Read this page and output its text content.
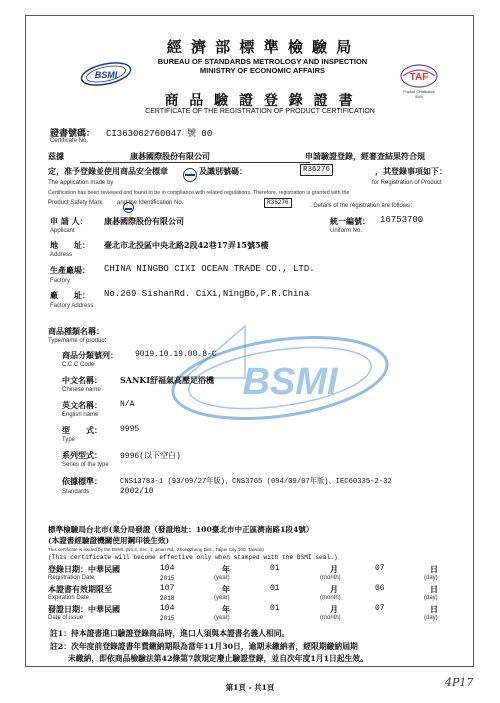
BSMI
經 濟 部 標 準 檢 驗 局
BUREAU OF STANDARDS METROLOGY AND INSPECTION
MINISTRY OF ECONOMIC AFFAIRS
TAF
Product Certification
0000
商 品 驗 證 登 錄 證 書
CERTIFICATE OF THE REGISTRATION OF PRODUCT CERTIFICATION
證書號碼： CI363062760047 號 00
Certificate No.
茲據	康碁國際股份有限公司	申請驗證登錄，經審查結果符合規
定，准予登錄並使用商品安全標章
	及識別號碼：	R36276	，其登錄事項如下：
The application made by	for Registration of Product
Certification has been reviewed and found to be in compliance with related regulations. Therefore, registration is granted with the
Product Safety Mark and the Identification No.	R36276	. Details of the registration are follows：
申 請 人： 康碁國際股份有限公司
Applicant
統一編號： 16753700
Uniform No.
地　　址： 臺北市北投區中央北路2段42巷17弄15號5樓
Address
生產廠場： CHINA NINGBO CIXI OCEAN TRADE CO., LTD.
Factory
廠　　址： No.269 SishanRd. CiXi,NingBo,P.R.China
Factory Address
BSMI
商品種類名稱：
Type/name of product
商品分類號列： 9019.10.19.00.8-C
C.C.C Code
中文名稱： SANKI舒福氣高壓足浴機
Chinese name
英文名稱： N/A
English name
型　　式： 9995
Type
系列型式： 9996(以下空白)
Series of the type
依據標準：	CNS13783-1 (93/09/27年版)、CNS3765 (094/09/07年版)、IEC60335-2-32
Standards	2002/10
標準檢驗局台北市(業分局發證（發證地址：100臺北市中正區濟南路1段4號）
(本證書經驗證機關使用鋼印後生效)
This certificate is issued by the BSMI. (No.4, Sec. 1, Jinan Rd., Zhongzheng Dist., Taipei City 100, Taiwan)
(This certificate will become effective only when stamped with the BSMI seal.)
登錄日期：中華民國
Registration Date
104
2015
年
(year)
01	月
(month)
07	日
(day)
本證書有效期限至
Expiration Date
107
2018
年
(year)
01	月
(month)
06	日
(day)
發證日期：中華民國
Date of issue
104
2015
年
(year)
01	月
(month)
07	日
(day)
註1：持本證書進口驗證登錄商品時，進口人須與本證書名義人相同。
註2：次年度前登錄證書年費繳納期限為當年11月30日，逾期未繳納者，經限期繳納屆期
未繳納，即依商品檢驗法第42條第7款規定廢止驗證登錄，並自次年度1月1日起生效。
第1頁 - 共1頁	4P17
